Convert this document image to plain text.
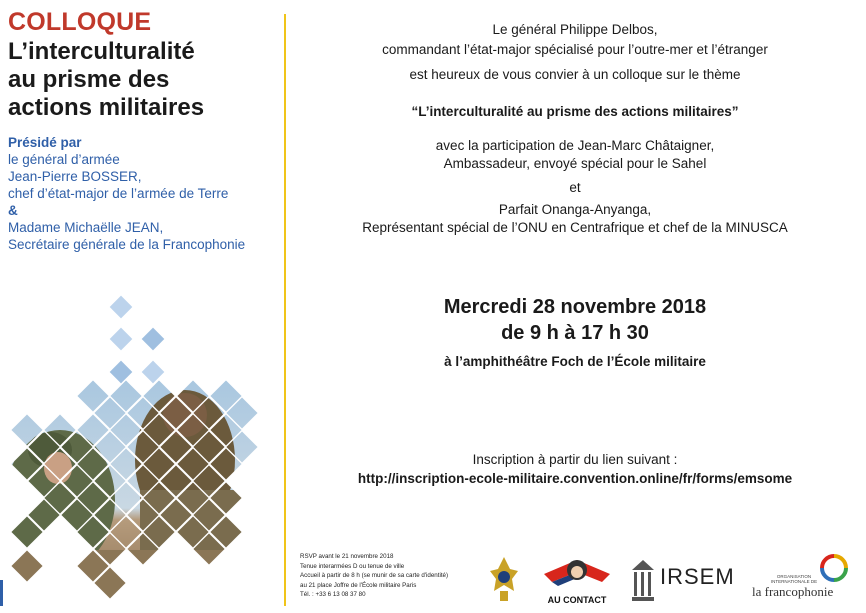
COLLOQUE
L’interculturalité
au prisme des
actions militaires
Présidé par
le général d’armée
Jean-Pierre BOSSER,
chef d’état-major de l’armée de Terre
&
Madame Michaëlle JEAN,
Secrétaire générale de la Francophonie
Le général Philippe Delbos,
commandant l’état-major spécialisé pour l’outre-mer et l’étranger
est heureux de vous convier à un colloque sur le thème
“L’interculturalité au prisme des actions militaires”
avec la participation de Jean-Marc Châtaigner,
Ambassadeur, envoyé spécial pour le Sahel
et
Parfait Onanga-Anyanga,
Représentant spécial de l’ONU en Centrafrique et chef de la MINUSCA
Mercredi 28 novembre 2018
de 9 h à 17 h 30
à l’amphithéâtre Foch de l’École militaire
Inscription à partir du lien suivant :
http://inscription-ecole-militaire.convention.online/fr/forms/emsome
RSVP avant le 21 novembre 2018
Tenue interarmées D ou tenue de ville
Accueil à partir de 8 h (se munir de sa carte d'identité)
au 21 place Joffre de l'École militaire Paris
Tél. : +33 6 13 08 37 80
AU CONTACT
IRSEM	ORGANISATION INTERNATIONALE DE
la francophonie
